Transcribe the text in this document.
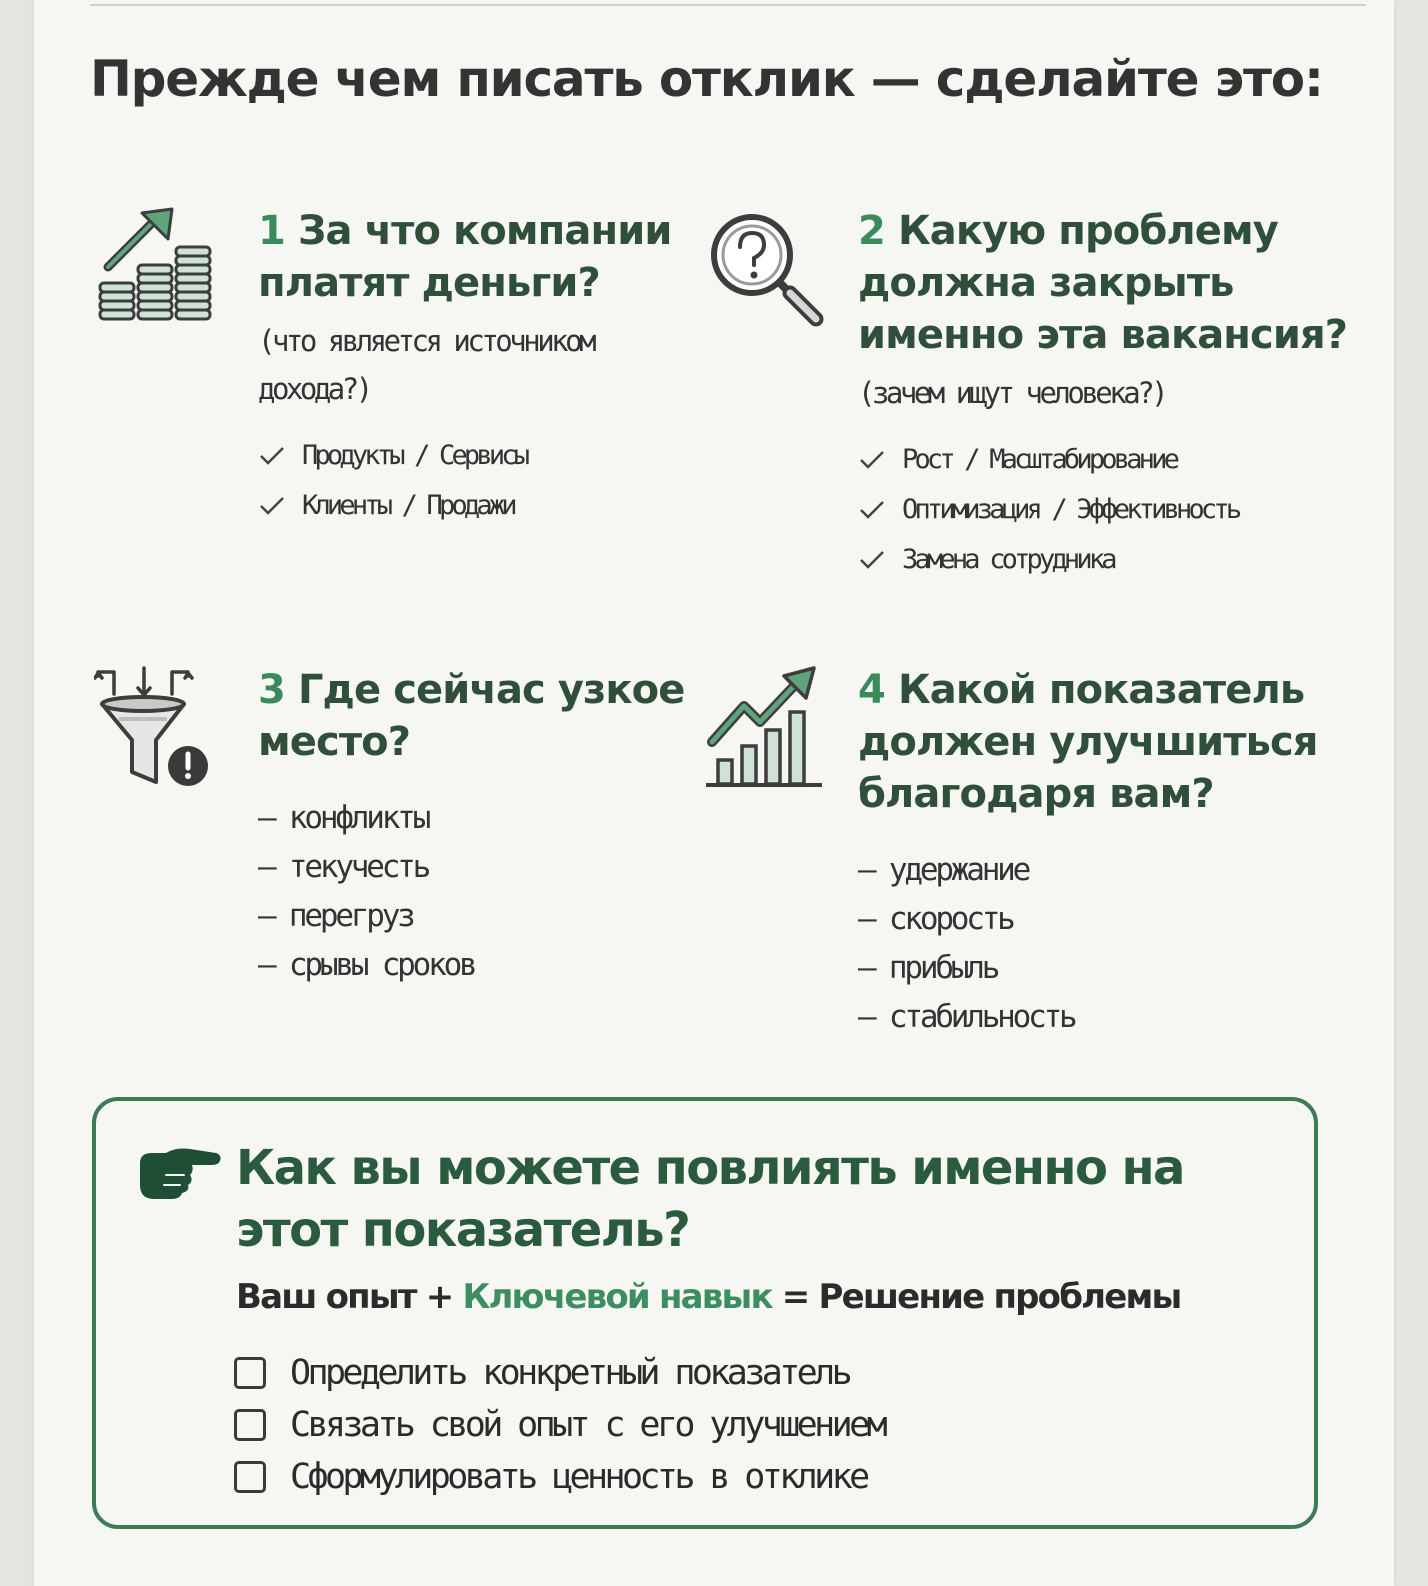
Прежде чем писать отклик — сделайте это:
1 За что компании платят деньги?

(что является источником дохода?)

Продукты / Сервисы
Клиенты / Продажи
2 Какую проблему должна закрыть именно эта вакансия?

(зачем ищут человека?)

Рост / Масштабирование
Оптимизация / Эффективность
Замена сотрудника
3 Где сейчас узкое место?
— конфликты
— текучесть
— перегруз
— срывы сроков
4 Какой показатель должен улучшиться благодаря вам?
— удержание
— скорость
— прибыль
— стабильность
Как вы можете повлиять именно на этот показатель?
Ваш опыт + Ключевой навык = Решение проблемы
Определить конкретный показатель
Связать свой опыт с его улучшением
Сформулировать ценность в отклике
